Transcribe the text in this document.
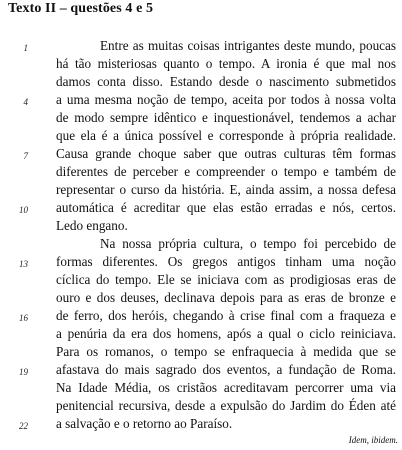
Texto II – questões 4 e 5
Entre as muitas coisas intrigantes deste mundo, poucas
há tão misteriosas quanto o tempo. A ironia é que mal nos
damos conta disso. Estando desde o nascimento submetidos
a uma mesma noção de tempo, aceita por todos à nossa volta
de modo sempre idêntico e inquestionável, tendemos a achar
que ela é a única possível e corresponde à própria realidade.
Causa grande choque saber que outras culturas têm formas
diferentes de perceber e compreender o tempo e também de
representar o curso da história. E, ainda assim, a nossa defesa
automática é acreditar que elas estão erradas e nós, certos.
Ledo engano.
Na nossa própria cultura, o tempo foi percebido de
formas diferentes. Os gregos antigos tinham uma noção
cíclica do tempo. Ele se iniciava com as prodigiosas eras de
ouro e dos deuses, declinava depois para as eras de bronze e
de ferro, dos heróis, chegando à crise final com a fraqueza e
a penúria da era dos homens, após a qual o ciclo reiniciava.
Para os romanos, o tempo se enfraquecia à medida que se
afastava do mais sagrado dos eventos, a fundação de Roma.
Na Idade Média, os cristãos acreditavam percorrer uma via
penitencial recursiva, desde a expulsão do Jardim do Éden até
a salvação e o retorno ao Paraíso.
1
4
7
10
13
16
19
22
Idem, ibidem.
